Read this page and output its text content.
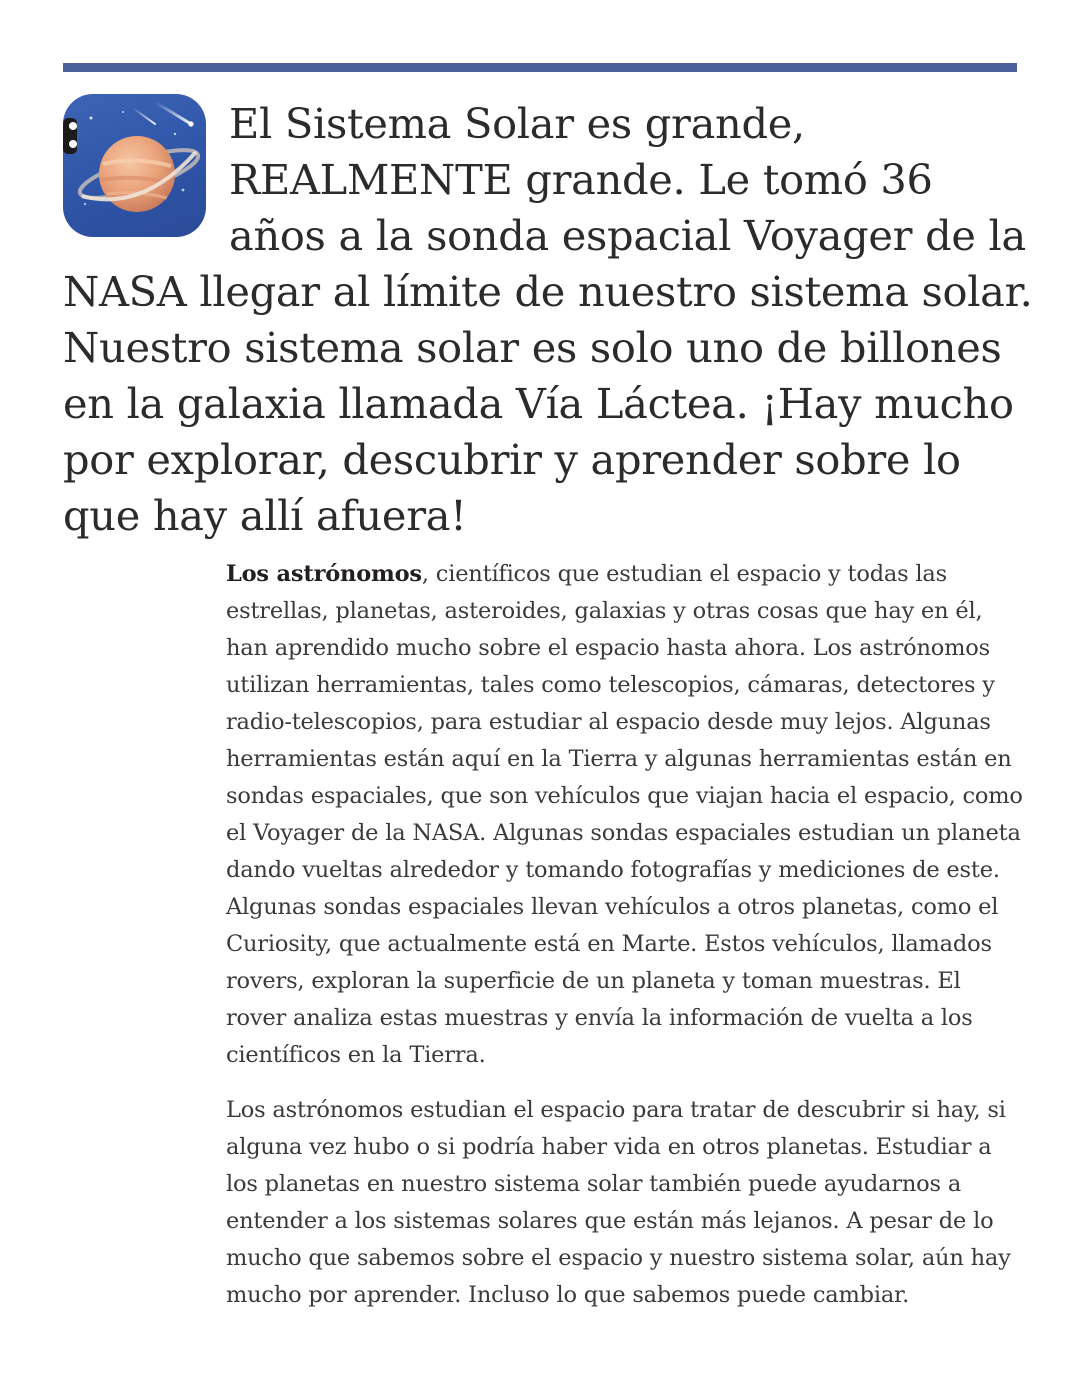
El Sistema Solar es grande, REALMENTE grande. Le tomó 36 años a la sonda espacial Voyager de la NASA llegar al límite de nuestro sistema solar. Nuestro sistema solar es solo uno de billones en la galaxia llamada Vía Láctea. ¡Hay mucho por explorar, descubrir y aprender sobre lo que hay allí afuera!

Los astrónomos, científicos que estudian el espacio y todas las estrellas, planetas, asteroides, galaxias y otras cosas que hay en él, han aprendido mucho sobre el espacio hasta ahora. Los astrónomos utilizan herramientas, tales como telescopios, cámaras, detectores y radio-telescopios, para estudiar al espacio desde muy lejos. Algunas herramientas están aquí en la Tierra y algunas herramientas están en sondas espaciales, que son vehículos que viajan hacia el espacio, como el Voyager de la NASA. Algunas sondas espaciales estudian un planeta dando vueltas alrededor y tomando fotografías y mediciones de este. Algunas sondas espaciales llevan vehículos a otros planetas, como el Curiosity, que actualmente está en Marte. Estos vehículos, llamados rovers, exploran la superficie de un planeta y toman muestras. El rover analiza estas muestras y envía la información de vuelta a los científicos en la Tierra.

Los astrónomos estudian el espacio para tratar de descubrir si hay, si alguna vez hubo o si podría haber vida en otros planetas. Estudiar a los planetas en nuestro sistema solar también puede ayudarnos a entender a los sistemas solares que están más lejanos. A pesar de lo mucho que sabemos sobre el espacio y nuestro sistema solar, aún hay mucho por aprender. Incluso lo que sabemos puede cambiar.
